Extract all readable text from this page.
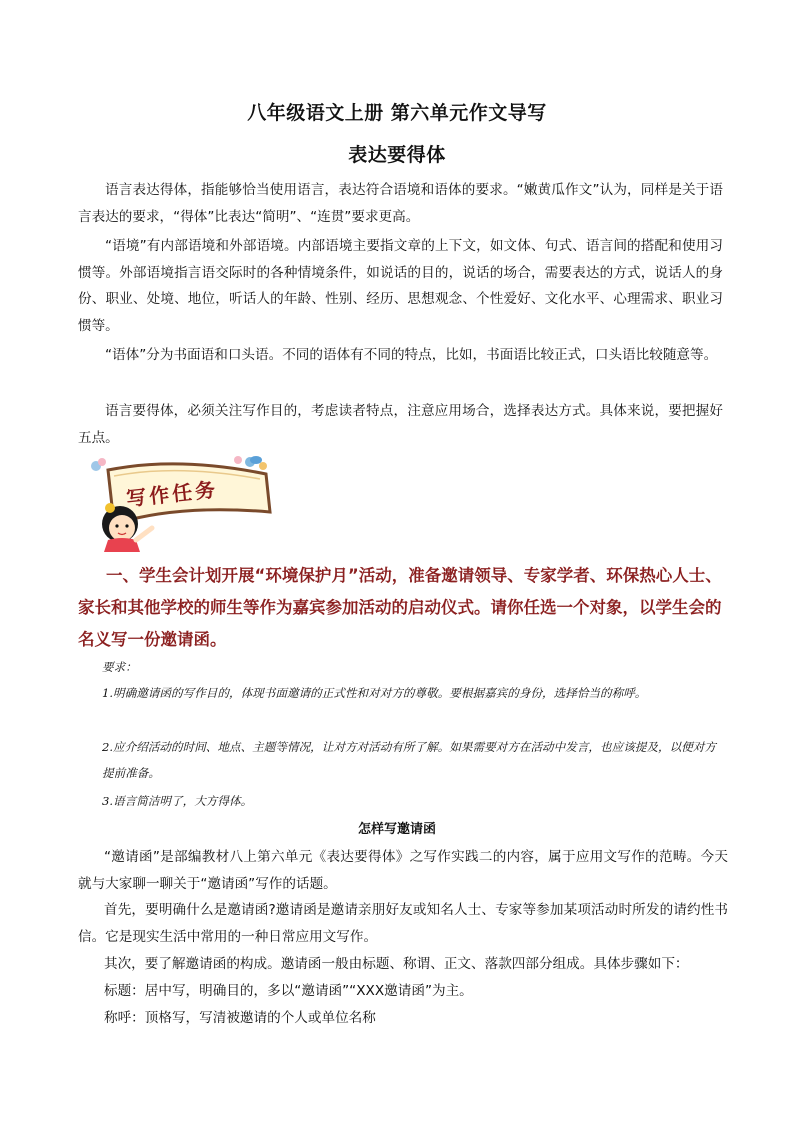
八年级语文上册 第六单元作文导写
表达要得体

语言表达得体，指能够恰当使用语言，表达符合语境和语体的要求。“嫩黄瓜作文”认为，同样是关于语言表达的要求，“得体”比表达“简明”、“连贯”要求更高。

“语境”有内部语境和外部语境。内部语境主要指文章的上下文，如文体、句式、语言间的搭配和使用习惯等。外部语境指言语交际时的各种情境条件，如说话的目的，说话的场合，需要表达的方式，说话人的身份、职业、处境、地位，听话人的年龄、性别、经历、思想观念、个性爱好、文化水平、心理需求、职业习惯等。

“语体”分为书面语和口头语。不同的语体有不同的特点，比如，书面语比较正式，口头语比较随意等。

语言要得体，必须关注写作目的，考虑读者特点，注意应用场合，选择表达方式。具体来说，要把握好五点。

写作任务

一、学生会计划开展“环境保护月”活动，准备邀请领导、专家学者、环保热心人士、家长和其他学校的师生等作为嘉宾参加活动的启动仪式。请你任选一个对象，以学生会的名义写一份邀请函。

要求：

1.明确邀请函的写作目的，体现书面邀请的正式性和对对方的尊敬。要根据嘉宾的身份，选择恰当的称呼。

2.应介绍活动的时间、地点、主题等情况，让对方对活动有所了解。如果需要对方在活动中发言，也应该提及，以便对方提前准备。

3.语言简洁明了，大方得体。

怎样写邀请函

“邀请函”是部编教材八上第六单元《表达要得体》之写作实践二的内容，属于应用文写作的范畴。今天就与大家聊一聊关于“邀请函”写作的话题。

首先，要明确什么是邀请函?邀请函是邀请亲朋好友或知名人士、专家等参加某项活动时所发的请约性书信。它是现实生活中常用的一种日常应用文写作。

其次，要了解邀请函的构成。邀请函一般由标题、称谓、正文、落款四部分组成。具体步骤如下：

标题：居中写，明确目的，多以“邀请函”“XXX邀请函”为主。

称呼：顶格写，写清被邀请的个人或单位名称
